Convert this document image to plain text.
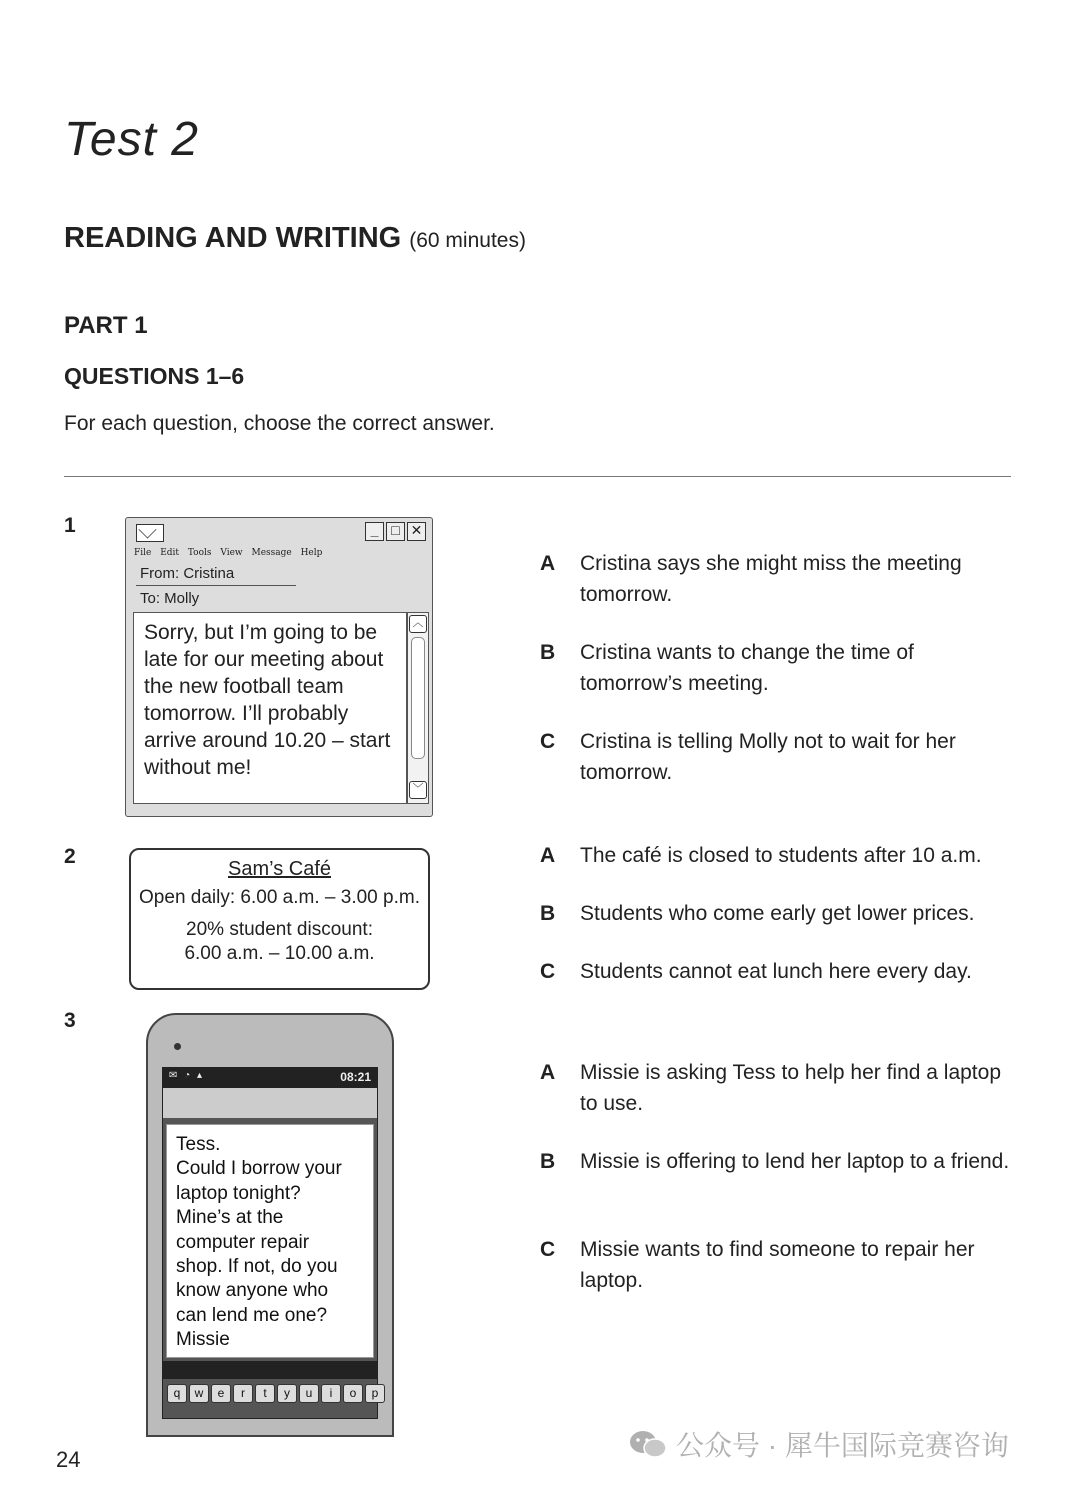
Test 2
READING AND WRITING (60 minutes)
PART 1
QUESTIONS 1–6
For each question, choose the correct answer.
1	_ □ ✕
File Edit Tools View Message Help
From: Cristina
To: Molly
Sorry, but I’m going to be late for our meeting about the new football team tomorrow. I’ll probably arrive around 10.20 – start without me!
︿
﹀
A Cristina says she might miss the meeting tomorrow.
B Cristina wants to change the time of tomorrow’s meeting.
C Cristina is telling Molly not to wait for her tomorrow.
2
Sam’s Café
Open daily: 6.00 a.m. – 3.00 p.m.
20% student discount:
6.00 a.m. – 10.00 a.m.
A The café is closed to students after 10 a.m.
B Students who come early get lower prices.
C Students cannot eat lunch here every day.
3
✉ ◔ ▴	08:21
Tess.
Could I borrow your
laptop tonight?
Mine’s at the
computer repair
shop. If not, do you
know anyone who
can lend me one?
Missie
q	w	e	r	t	y	u	i	o	p
A Missie is asking Tess to help her find a laptop to use.
B Missie is offering to lend her laptop to a friend.
C Missie wants to find someone to repair her laptop.
24	公众号 · 犀牛国际竞赛咨询
